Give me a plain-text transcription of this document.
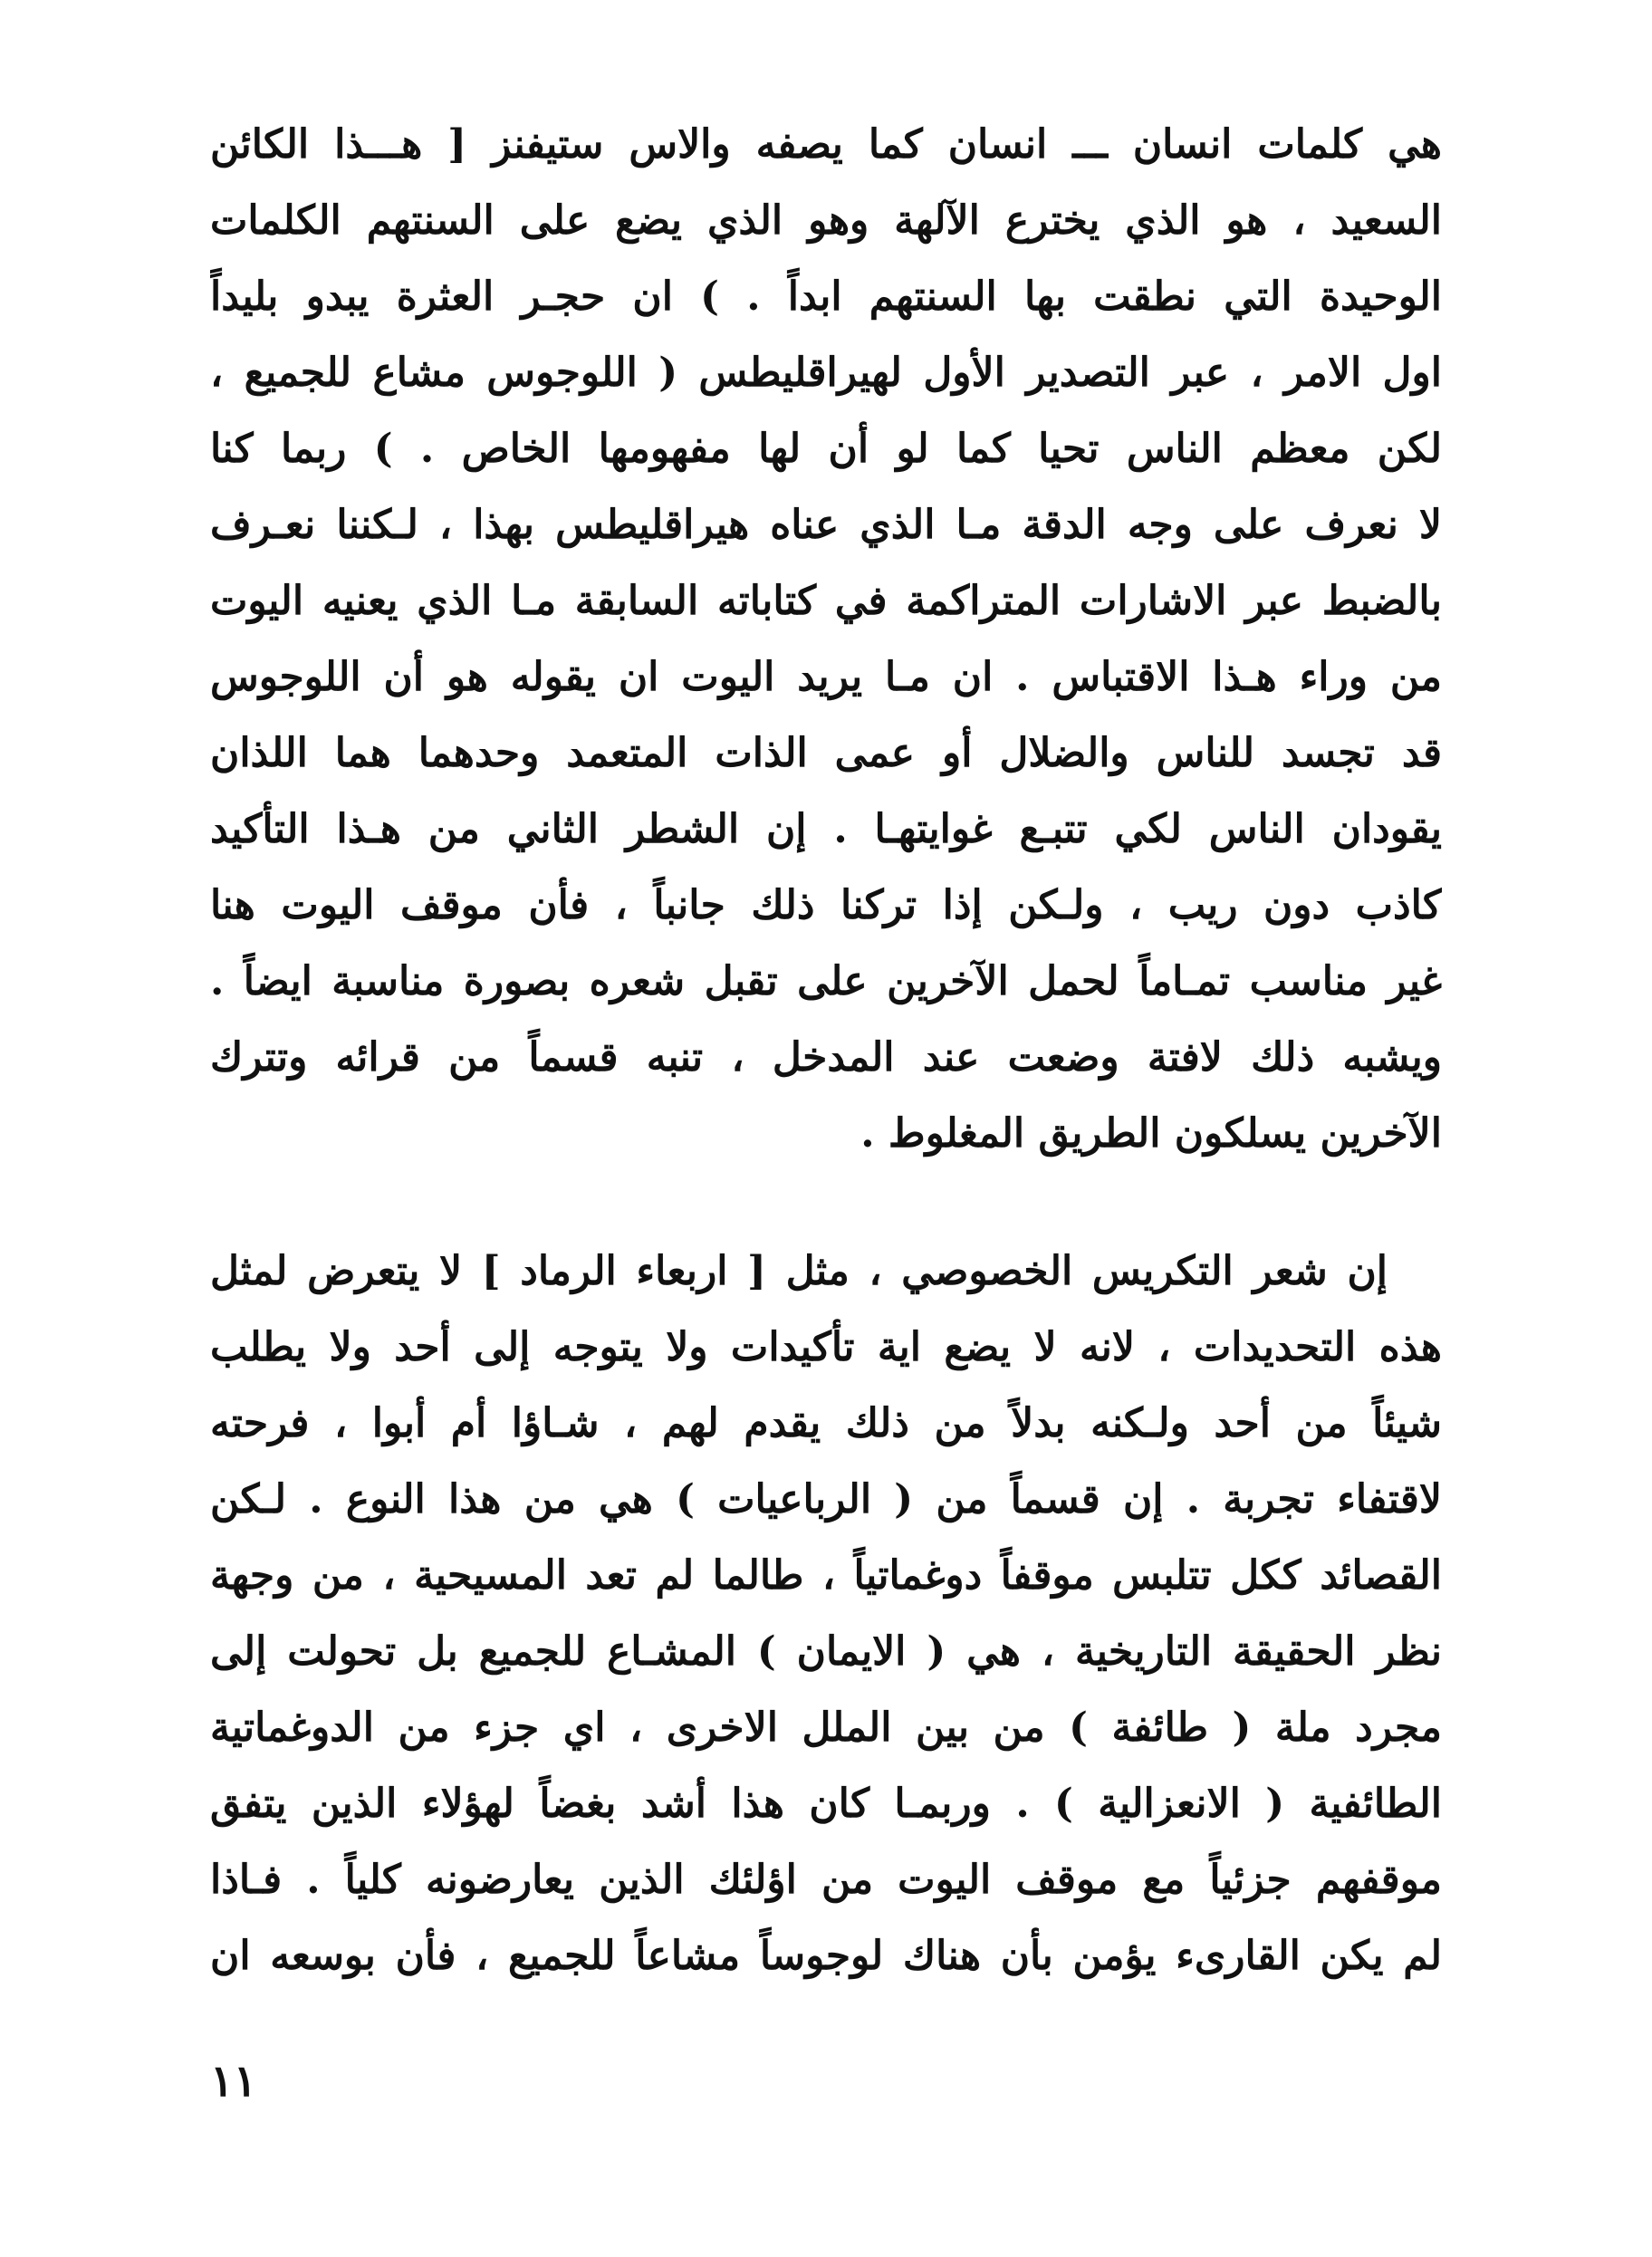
هي كلمات انسان ـــ انسان كما يصفه والاس ستيفنز [ هـــذا الكائن
السعيد ، هو الذي يخترع الآلهة وهو الذي يضع على السنتهم الكلمات
الوحيدة التي نطقت بها السنتهم ابداً . ) ان حجـر العثرة يبدو بليداً
اول الامر ، عبر التصدير الأول لهيراقليطس ( اللوجوس مشاع للجميع ،
لكن معظم الناس تحيا كما لو أن لها مفهومها الخاص . ) ربما كنا
لا نعرف على وجه الدقة مـا الذي عناه هيراقليطس بهذا ، لـكننا نعـرف
بالضبط عبر الاشارات المتراكمة في كتاباته السابقة مـا الذي يعنيه اليوت
من وراء هـذا الاقتباس . ان مـا يريد اليوت ان يقوله هو أن اللوجوس
قد تجسد للناس والضلال أو عمى الذات المتعمد وحدهما هما اللذان
يقودان الناس لكي تتبـع غوايتهـا . إن الشطر الثاني من هـذا التأكيد
كاذب دون ريب ، ولـكن إذا تركنا ذلك جانباً ، فأن موقف اليوت هنا
غير مناسب تمـاماً لحمل الآخرين على تقبل شعره بصورة مناسبة ايضاً .
ويشبه ذلك لافتة وضعت عند المدخل ، تنبه قسماً من قرائه وتترك
الآخرين يسلكون الطريق المغلوط .
إن شعر التكريس الخصوصي ، مثل [ اربعاء الرماد ] لا يتعرض لمثل
هذه التحديدات ، لانه لا يضع اية تأكيدات ولا يتوجه إلى أحد ولا يطلب
شيئاً من أحد ولـكنه بدلاً من ذلك يقدم لهم ، شـاؤا أم أبوا ، فرحته
لاقتفاء تجربة . إن قسماً من ( الرباعيات ) هي من هذا النوع . لـكن
القصائد ككل تتلبس موقفاً دوغماتياً ، طالما لم تعد المسيحية ، من وجهة
نظر الحقيقة التاريخية ، هي ( الايمان ) المشـاع للجميع بل تحولت إلى
مجرد ملة ( طائفة ) من بين الملل الاخرى ، اي جزء من الدوغماتية
الطائفية ( الانعزالية ) . وربمـا كان هذا أشد بغضاً لهؤلاء الذين يتفق
موقفهم جزئياً مع موقف اليوت من اؤلئك الذين يعارضونه كلياً . فـاذا
لم يكن القارىء يؤمن بأن هناك لوجوساً مشاعاً للجميع ، فأن بوسعه ان
١١
